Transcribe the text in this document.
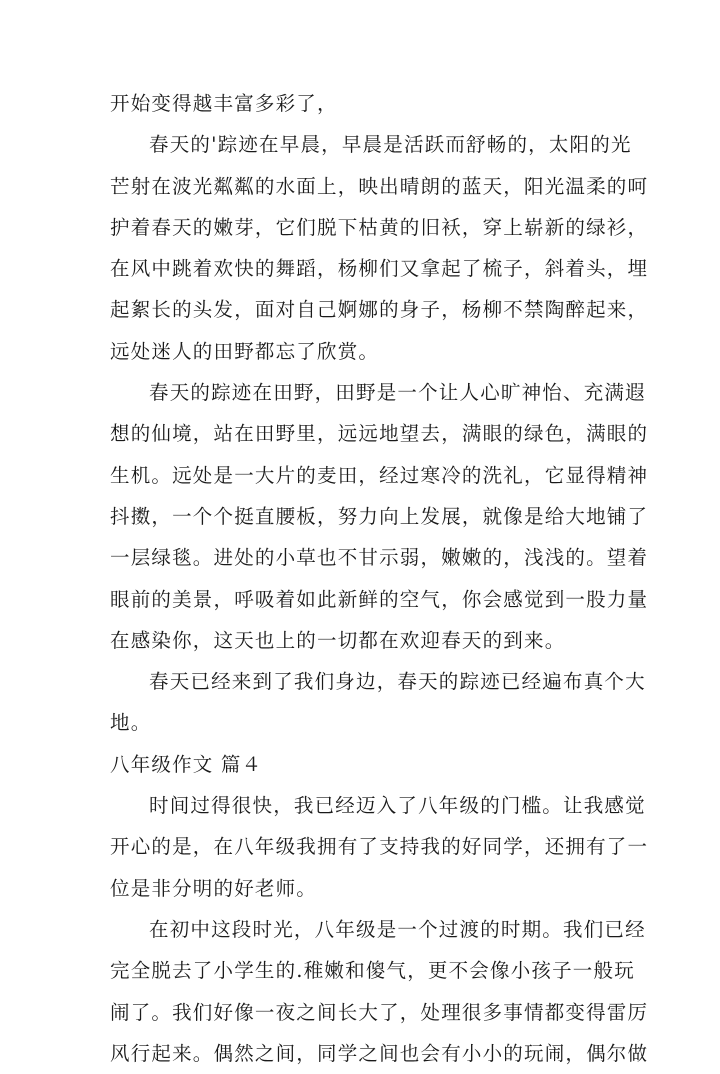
开始变得越丰富多彩了，
春天的'踪迹在早晨，早晨是活跃而舒畅的，太阳的光
芒射在波光粼粼的水面上，映出晴朗的蓝天，阳光温柔的呵
护着春天的嫩芽，它们脱下枯黄的旧袄，穿上崭新的绿衫，
在风中跳着欢快的舞蹈，杨柳们又拿起了梳子，斜着头，埋
起絮长的头发，面对自己婀娜的身子，杨柳不禁陶醉起来，
远处迷人的田野都忘了欣赏。
春天的踪迹在田野，田野是一个让人心旷神怡、充满遐
想的仙境，站在田野里，远远地望去，满眼的绿色，满眼的
生机。远处是一大片的麦田，经过寒冷的洗礼，它显得精神
抖擞，一个个挺直腰板，努力向上发展，就像是给大地铺了
一层绿毯。进处的小草也不甘示弱，嫩嫩的，浅浅的。望着
眼前的美景，呼吸着如此新鲜的空气，你会感觉到一股力量
在感染你，这天也上的一切都在欢迎春天的到来。
春天已经来到了我们身边，春天的踪迹已经遍布真个大
地。
八年级作文 篇４
时间过得很快，我已经迈入了八年级的门槛。让我感觉
开心的是，在八年级我拥有了支持我的好同学，还拥有了一
位是非分明的好老师。
在初中这段时光，八年级是一个过渡的时期。我们已经
完全脱去了小学生的.稚嫩和傻气，更不会像小孩子一般玩
闹了。我们好像一夜之间长大了，处理很多事情都变得雷厉
风行起来。偶然之间，同学之间也会有小小的玩闹，偶尔做
